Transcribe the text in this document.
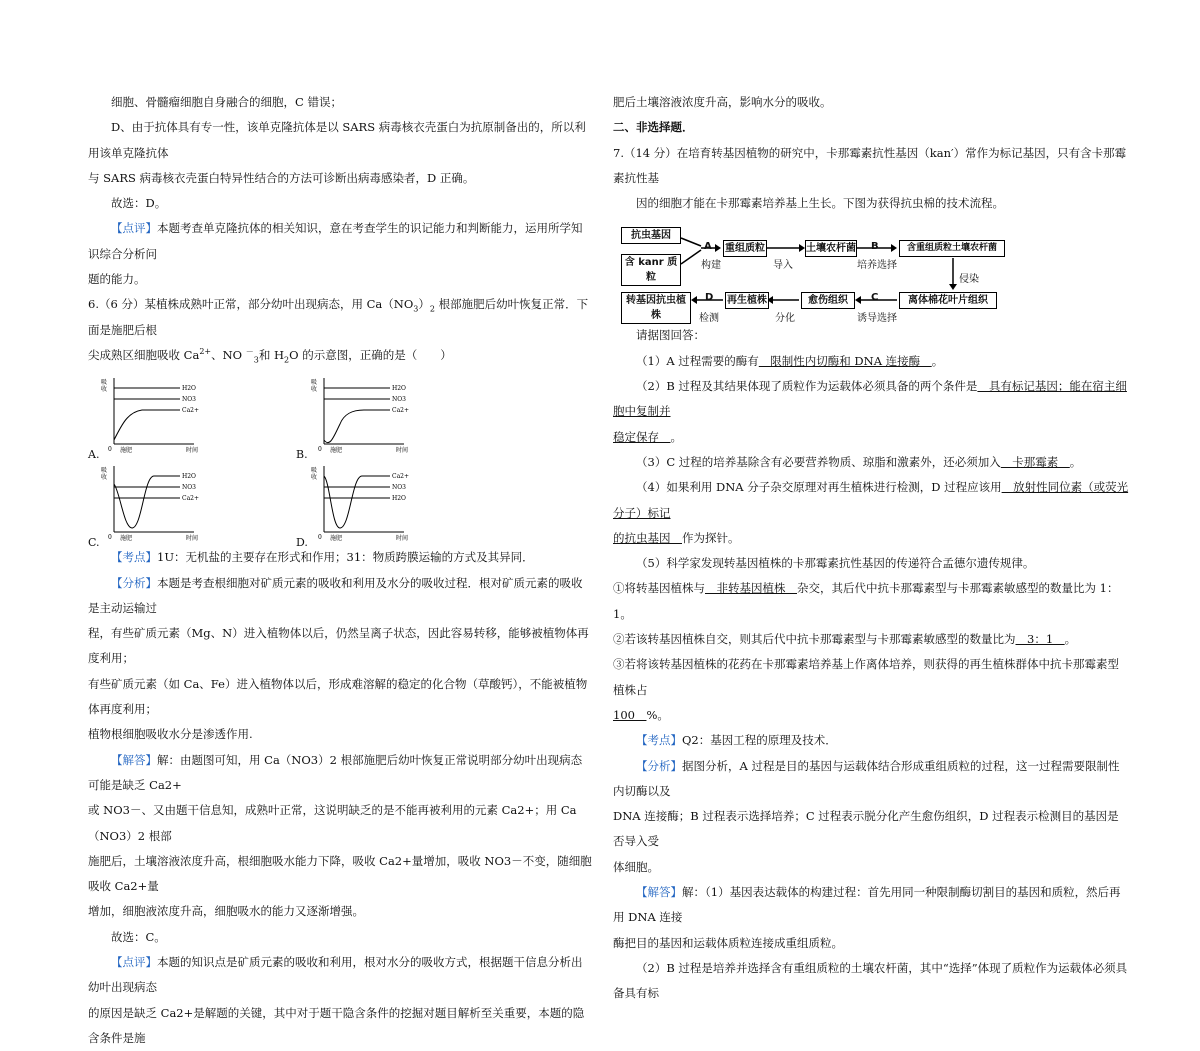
细胞、骨髓瘤细胞自身融合的细胞，C 错误；

D、由于抗体具有专一性，该单克隆抗体是以 SARS 病毒核衣壳蛋白为抗原制备出的，所以利用该单克隆抗体

与 SARS 病毒核衣壳蛋白特异性结合的方法可诊断出病毒感染者，D 正确。

故选：D。

【点评】本题考查单克隆抗体的相关知识，意在考查学生的识记能力和判断能力，运用所学知识综合分析问

题的能力。

6.（6 分）某植株成熟叶正常，部分幼叶出现病态，用 $Ca(NO_3)_2$ 根部施肥后幼叶恢复正常．下面是施肥后根

尖成熟区细胞吸收 $Ca^{2+}$、NO －$_3$和 $H_2O$ 的示意图，正确的是（　　）

吸
收	H2O
NO3
Ca2+
0 施肥	时间
A.
吸
收	H2O
NO3
Ca2+
0 施肥	时间
B.
吸
收	H2O
NO3
Ca2+
0 施肥	时间
C.
吸
收	Ca2+
NO3
H2O
0 施肥	时间
D.

【考点】1U：无机盐的主要存在形式和作用；31：物质跨膜运输的方式及其异同．

【分析】本题是考查根细胞对矿质元素的吸收和利用及水分的吸收过程．根对矿质元素的吸收是主动运输过

程，有些矿质元素（Mg、N）进入植物体以后，仍然呈离子状态，因此容易转移，能够被植物体再度利用；

有些矿质元素（如 Ca、Fe）进入植物体以后，形成难溶解的稳定的化合物（草酸钙），不能被植物体再度利用；

植物根细胞吸收水分是渗透作用.

【解答】解：由题图可知，用 Ca（NO3）2 根部施肥后幼叶恢复正常说明部分幼叶出现病态可能是缺乏 Ca2+

或 NO3－、又由题干信息知，成熟叶正常，这说明缺乏的是不能再被利用的元素 Ca2+；用 Ca（NO3）2 根部

施肥后，土壤溶液浓度升高，根细胞吸水能力下降，吸收 Ca2+量增加，吸收 NO3－不变，随细胞吸收 Ca2+量

增加，细胞液浓度升高，细胞吸水的能力又逐渐增强。

故选：C。

【点评】本题的知识点是矿质元素的吸收和利用，根对水分的吸收方式，根据题干信息分析出幼叶出现病态

的原因是缺乏 Ca2+是解题的关键，其中对于题干隐含条件的挖掘对题目解析至关重要，本题的隐含条件是施

肥后土壤溶液浓度升高，影响水分的吸收。

二、非选择题．

7.（14 分）在培育转基因植物的研究中，卡那霉素抗性基因（kan′）常作为标记基因，只有含卡那霉素抗性基

因的细胞才能在卡那霉素培养基上生长。下图为获得抗虫棉的技术流程。

抗虫基因
含 kanr 质粒
重组质粒	土壤农杆菌	含重组质粒土壤农杆菌
离体棉花叶片组织
愈伤组织
再生植株
转基因抗虫植株
A
构建	导入
B
培养选择
侵染
C
诱导选择
分化
D
检测

请据图回答：

（1）A 过程需要的酶有　限制性内切酶和 DNA 连接酶　。

（2）B 过程及其结果体现了质粒作为运载体必须具备的两个条件是　具有标记基因；能在宿主细胞中复制并

稳定保存　。

（3）C 过程的培养基除含有必要营养物质、琼脂和激素外，还必须加入　卡那霉素　。

（4）如果利用 DNA 分子杂交原理对再生植株进行检测，D 过程应该用　放射性同位素（或荧光分子）标记

的抗虫基因　作为探针。

（5）科学家发现转基因植株的卡那霉素抗性基因的传递符合孟德尔遗传规律。

①将转基因植株与　非转基因植株　杂交，其后代中抗卡那霉素型与卡那霉素敏感型的数量比为 1：1。

②若该转基因植株自交，则其后代中抗卡那霉素型与卡那霉素敏感型的数量比为　3：1　。

③若将该转基因植株的花药在卡那霉素培养基上作离体培养，则获得的再生植株群体中抗卡那霉素型植株占

100　%。

【考点】Q2：基因工程的原理及技术．

【分析】据图分析，A 过程是目的基因与运载体结合形成重组质粒的过程，这一过程需要限制性内切酶以及

DNA 连接酶；B 过程表示选择培养；C 过程表示脱分化产生愈伤组织，D 过程表示检测目的基因是否导入受

体细胞。

【解答】解：（1）基因表达载体的构建过程：首先用同一种限制酶切割目的基因和质粒，然后再用 DNA 连接

酶把目的基因和运载体质粒连接成重组质粒。

（2）B 过程是培养并选择含有重组质粒的土壤农杆菌，其中“选择”体现了质粒作为运载体必须具备具有标
